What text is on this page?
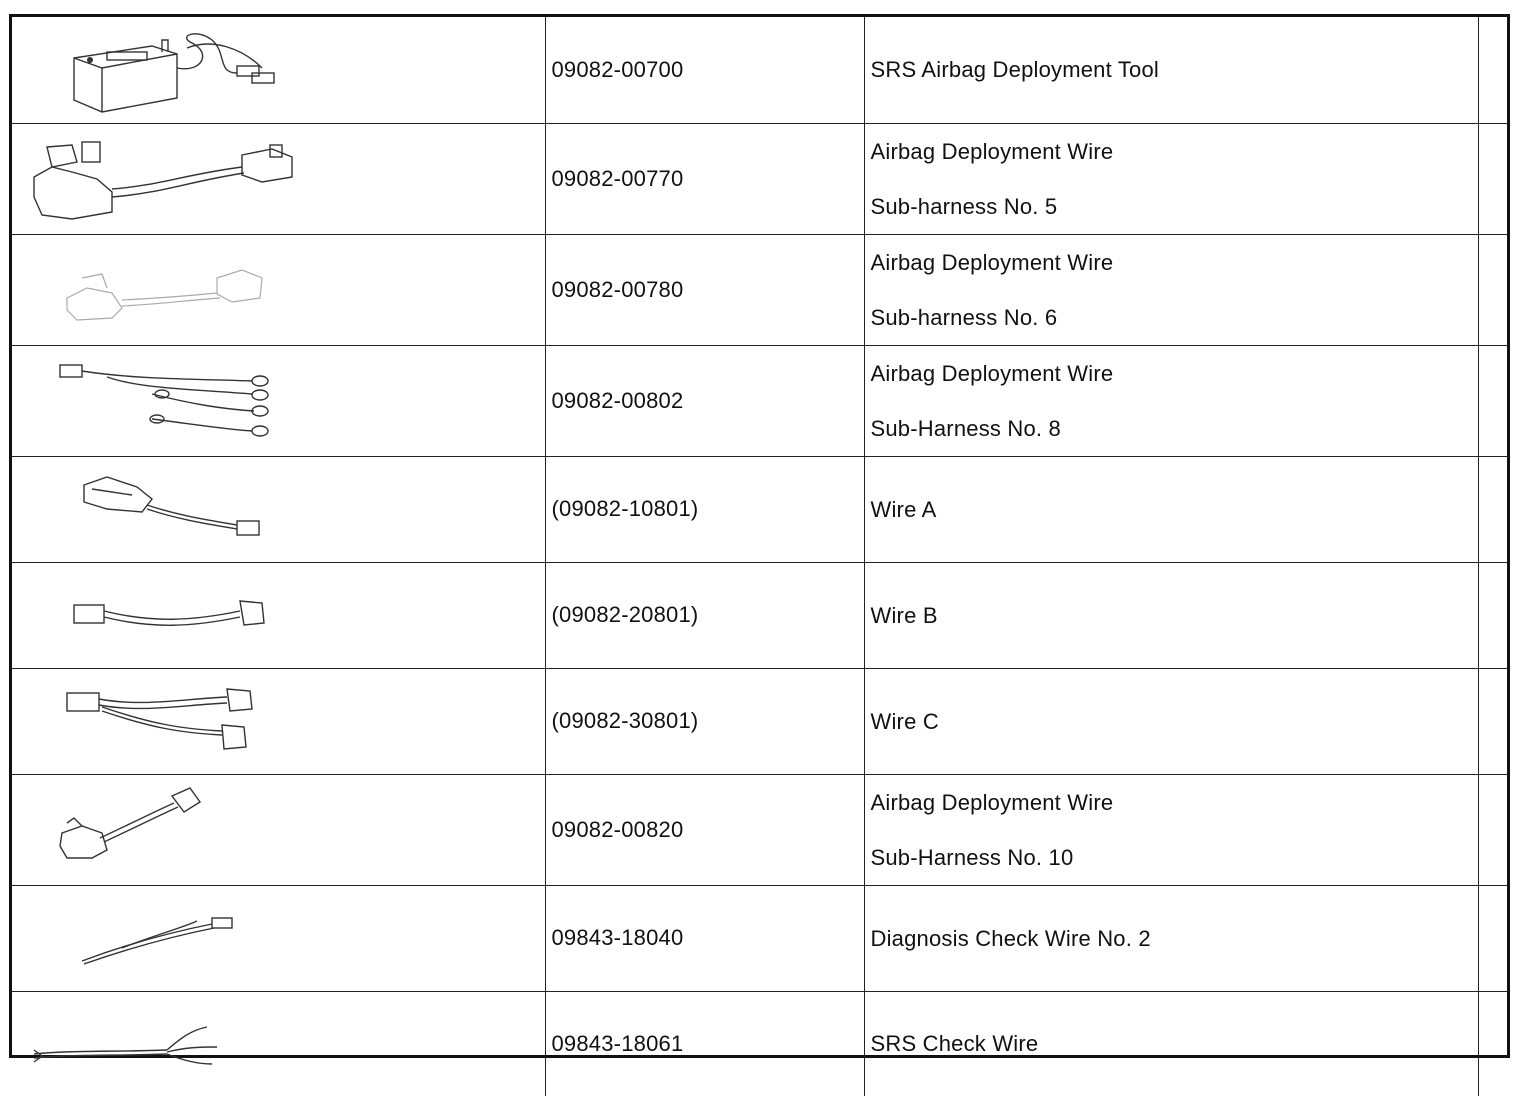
	09082-00700	SRS Airbag Deployment Tool	

	09082-00770	Airbag Deployment Wire
Sub-harness No. 5	

	09082-00780	Airbag Deployment Wire
Sub-harness No. 6	

	09082-00802	Airbag Deployment Wire
Sub-Harness No. 8	

	(09082-10801)	Wire A	

	(09082-20801)	Wire B	

	(09082-30801)	Wire C	

	09082-00820	Airbag Deployment Wire
Sub-Harness No. 10	

	09843-18040	Diagnosis Check Wire No. 2	

	09843-18061	SRS Check Wire	
